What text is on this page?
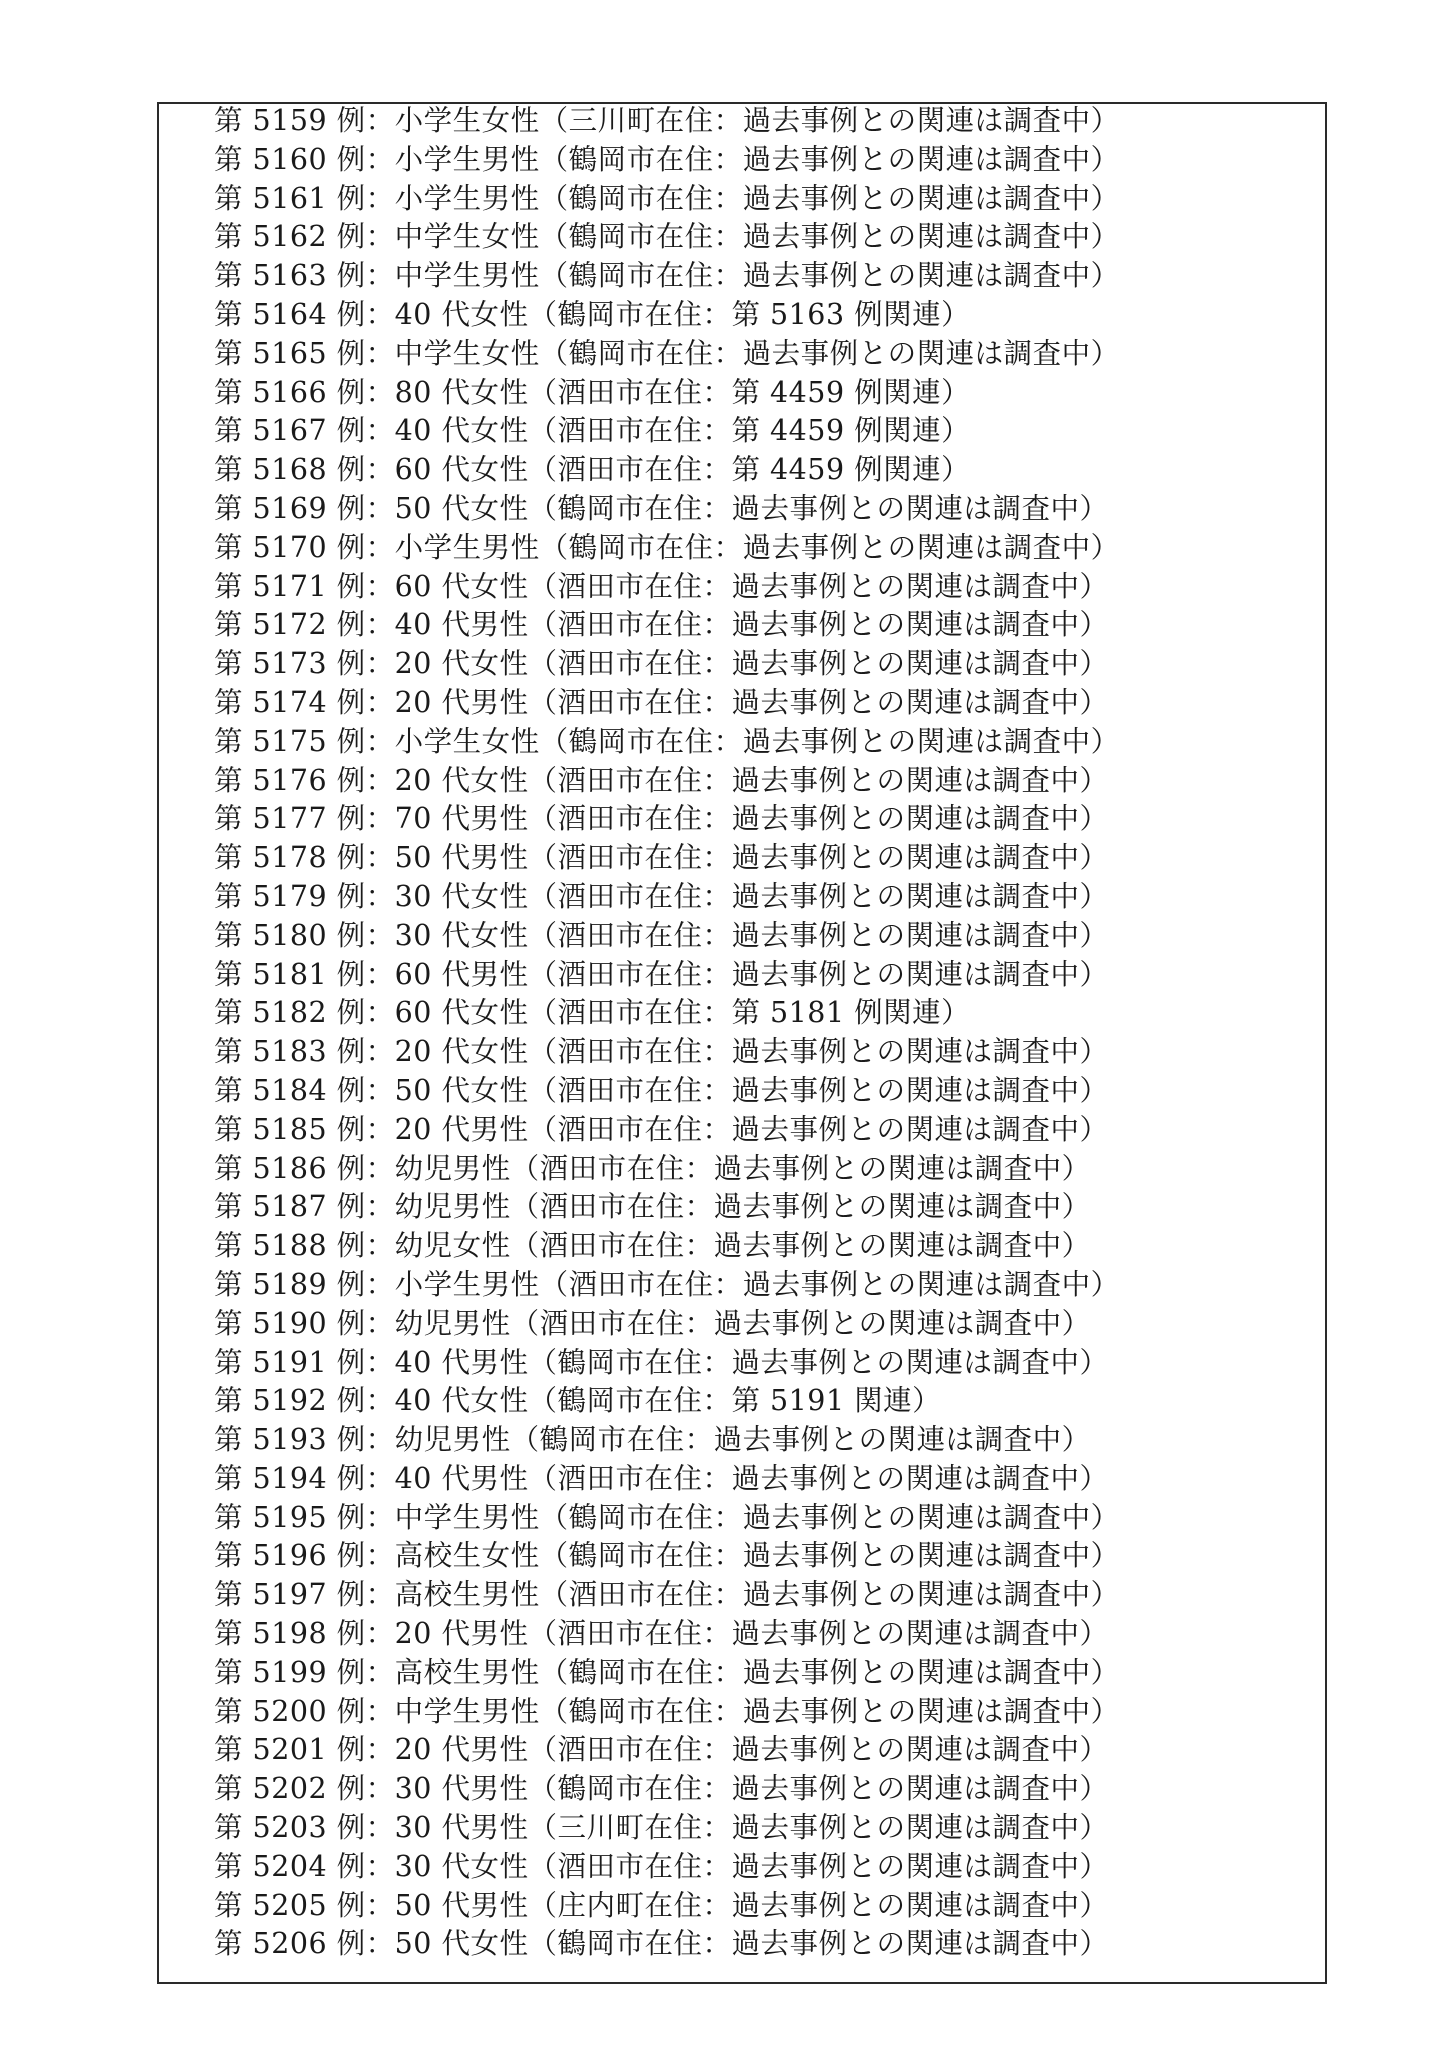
第 5159 例：小学生女性（三川町在住：過去事例との関連は調査中）
第 5160 例：小学生男性（鶴岡市在住：過去事例との関連は調査中）
第 5161 例：小学生男性（鶴岡市在住：過去事例との関連は調査中）
第 5162 例：中学生女性（鶴岡市在住：過去事例との関連は調査中）
第 5163 例：中学生男性（鶴岡市在住：過去事例との関連は調査中）
第 5164 例：40 代女性（鶴岡市在住：第 5163 例関連）
第 5165 例：中学生女性（鶴岡市在住：過去事例との関連は調査中）
第 5166 例：80 代女性（酒田市在住：第 4459 例関連）
第 5167 例：40 代女性（酒田市在住：第 4459 例関連）
第 5168 例：60 代女性（酒田市在住：第 4459 例関連）
第 5169 例：50 代女性（鶴岡市在住：過去事例との関連は調査中）
第 5170 例：小学生男性（鶴岡市在住：過去事例との関連は調査中）
第 5171 例：60 代女性（酒田市在住：過去事例との関連は調査中）
第 5172 例：40 代男性（酒田市在住：過去事例との関連は調査中）
第 5173 例：20 代女性（酒田市在住：過去事例との関連は調査中）
第 5174 例：20 代男性（酒田市在住：過去事例との関連は調査中）
第 5175 例：小学生女性（鶴岡市在住：過去事例との関連は調査中）
第 5176 例：20 代女性（酒田市在住：過去事例との関連は調査中）
第 5177 例：70 代男性（酒田市在住：過去事例との関連は調査中）
第 5178 例：50 代男性（酒田市在住：過去事例との関連は調査中）
第 5179 例：30 代女性（酒田市在住：過去事例との関連は調査中）
第 5180 例：30 代女性（酒田市在住：過去事例との関連は調査中）
第 5181 例：60 代男性（酒田市在住：過去事例との関連は調査中）
第 5182 例：60 代女性（酒田市在住：第 5181 例関連）
第 5183 例：20 代女性（酒田市在住：過去事例との関連は調査中）
第 5184 例：50 代女性（酒田市在住：過去事例との関連は調査中）
第 5185 例：20 代男性（酒田市在住：過去事例との関連は調査中）
第 5186 例：幼児男性（酒田市在住：過去事例との関連は調査中）
第 5187 例：幼児男性（酒田市在住：過去事例との関連は調査中）
第 5188 例：幼児女性（酒田市在住：過去事例との関連は調査中）
第 5189 例：小学生男性（酒田市在住：過去事例との関連は調査中）
第 5190 例：幼児男性（酒田市在住：過去事例との関連は調査中）
第 5191 例：40 代男性（鶴岡市在住：過去事例との関連は調査中）
第 5192 例：40 代女性（鶴岡市在住：第 5191 関連）
第 5193 例：幼児男性（鶴岡市在住：過去事例との関連は調査中）
第 5194 例：40 代男性（酒田市在住：過去事例との関連は調査中）
第 5195 例：中学生男性（鶴岡市在住：過去事例との関連は調査中）
第 5196 例：高校生女性（鶴岡市在住：過去事例との関連は調査中）
第 5197 例：高校生男性（酒田市在住：過去事例との関連は調査中）
第 5198 例：20 代男性（酒田市在住：過去事例との関連は調査中）
第 5199 例：高校生男性（鶴岡市在住：過去事例との関連は調査中）
第 5200 例：中学生男性（鶴岡市在住：過去事例との関連は調査中）
第 5201 例：20 代男性（酒田市在住：過去事例との関連は調査中）
第 5202 例：30 代男性（鶴岡市在住：過去事例との関連は調査中）
第 5203 例：30 代男性（三川町在住：過去事例との関連は調査中）
第 5204 例：30 代女性（酒田市在住：過去事例との関連は調査中）
第 5205 例：50 代男性（庄内町在住：過去事例との関連は調査中）
第 5206 例：50 代女性（鶴岡市在住：過去事例との関連は調査中）
